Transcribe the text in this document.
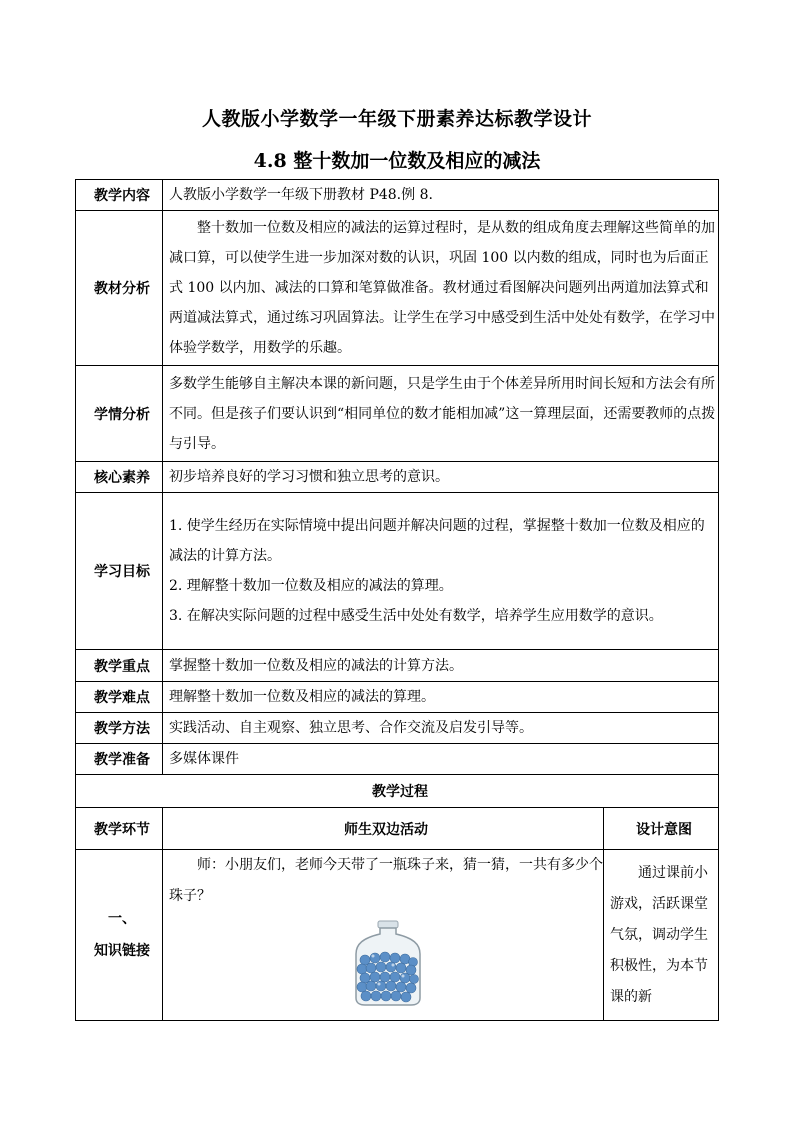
人教版小学数学一年级下册素养达标教学设计
4.8 整十数加一位数及相应的减法
教学内容	人教版小学数学一年级下册教材 P48.例 8.	
教材分析	整十数加一位数及相应的减法的运算过程时，是从数的组成角度去理解这些简单的加减口算，可以使学生进一步加深对数的认识，巩固 100 以内数的组成，同时也为后面正式 100 以内加、减法的口算和笔算做准备。教材通过看图解决问题列出两道加法算式和两道减法算式，通过练习巩固算法。让学生在学习中感受到生活中处处有数学，在学习中体验学数学，用数学的乐趣。	
学情分析	多数学生能够自主解决本课的新问题，只是学生由于个体差异所用时间长短和方法会有所不同。但是孩子们要认识到“相同单位的数才能相加减”这一算理层面，还需要教师的点拨与引导。	
核心素养	初步培养良好的学习习惯和独立思考的意识。	
学习目标	1. 使学生经历在实际情境中提出问题并解决问题的过程，掌握整十数加一位数及相应的减法的计算方法。
2. 理解整十数加一位数及相应的减法的算理。
3. 在解决实际问题的过程中感受生活中处处有数学，培养学生应用数学的意识。	

教学重点	掌握整十数加一位数及相应的减法的计算方法。	
教学难点	理解整十数加一位数及相应的减法的算理。	
教学方法	实践活动、自主观察、独立思考、合作交流及启发引导等。	
教学准备	多媒体课件	
教学过程		
教学环节	师生双边活动	设计意图

一、
知识链接	师：小朋友们，老师今天带了一瓶珠子来，猜一猜，一共有多少个珠子？	通过课前小游戏，活跃课堂气氛，调动学生积极性，为本节课的新
